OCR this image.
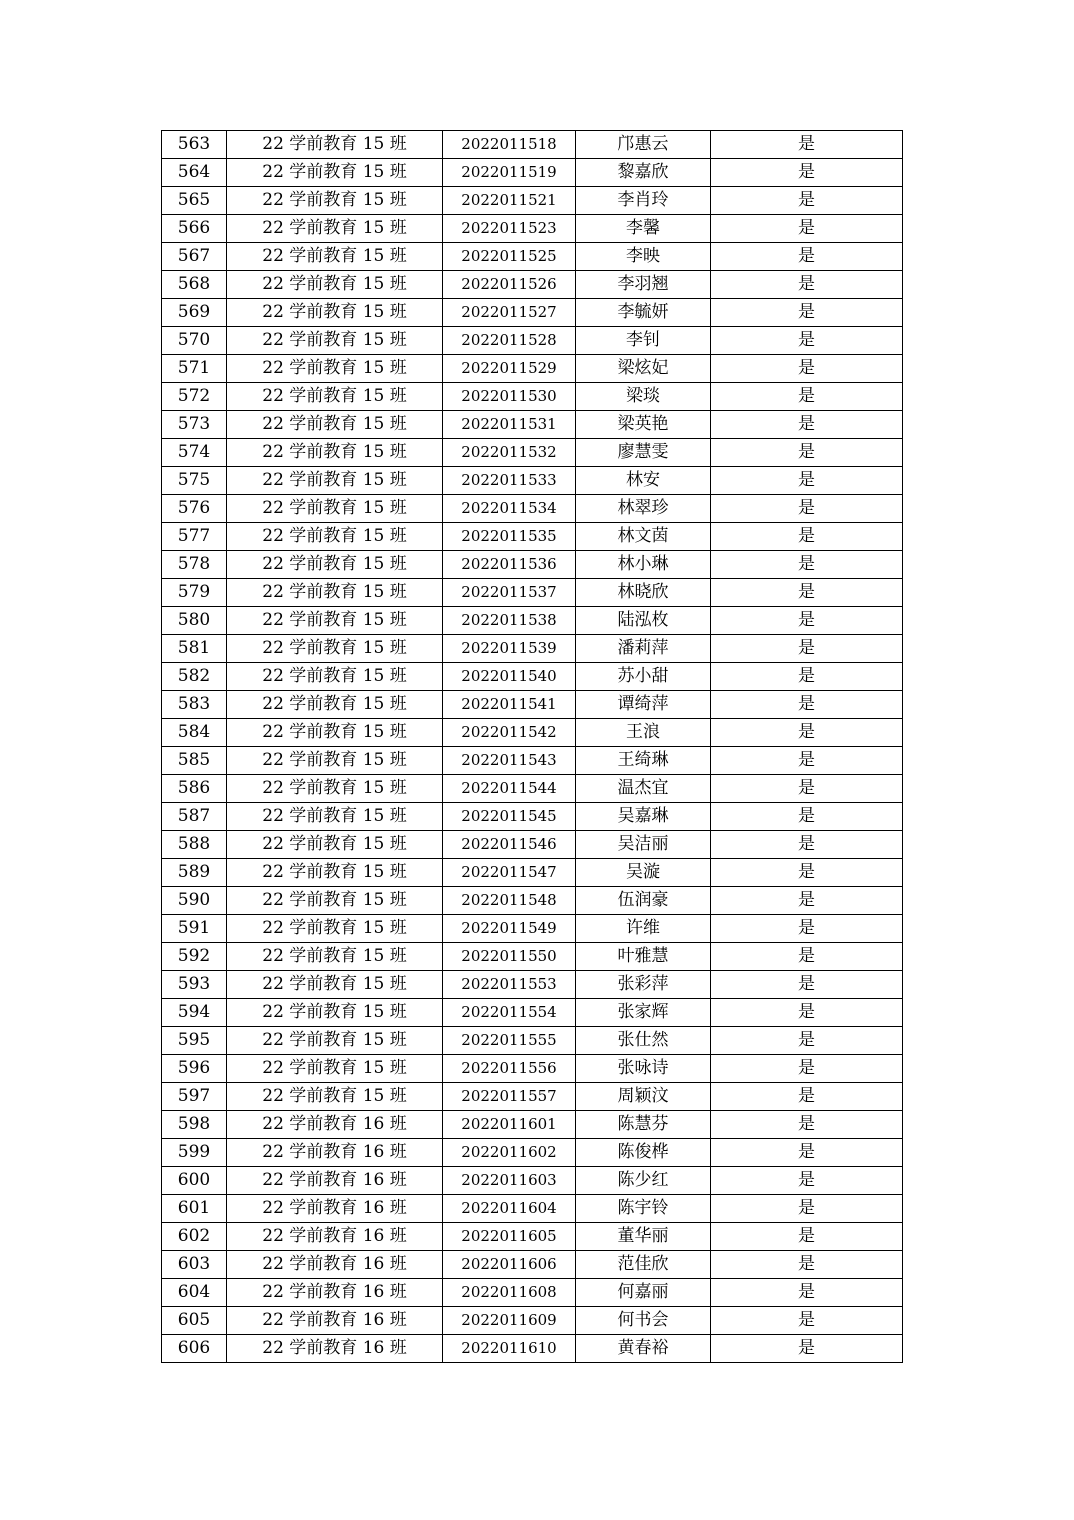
563	22 学前教育 15 班	2022011518	邝惠云	是
564	22 学前教育 15 班	2022011519	黎嘉欣	是
565	22 学前教育 15 班	2022011521	李肖玲	是
566	22 学前教育 15 班	2022011523	李馨	是
567	22 学前教育 15 班	2022011525	李映	是
568	22 学前教育 15 班	2022011526	李羽翘	是
569	22 学前教育 15 班	2022011527	李毓妍	是
570	22 学前教育 15 班	2022011528	李钊	是
571	22 学前教育 15 班	2022011529	梁炫妃	是
572	22 学前教育 15 班	2022011530	梁琰	是
573	22 学前教育 15 班	2022011531	梁英艳	是
574	22 学前教育 15 班	2022011532	廖慧雯	是
575	22 学前教育 15 班	2022011533	林安	是
576	22 学前教育 15 班	2022011534	林翠珍	是
577	22 学前教育 15 班	2022011535	林文茵	是
578	22 学前教育 15 班	2022011536	林小琳	是
579	22 学前教育 15 班	2022011537	林晓欣	是
580	22 学前教育 15 班	2022011538	陆泓枚	是
581	22 学前教育 15 班	2022011539	潘莉萍	是
582	22 学前教育 15 班	2022011540	苏小甜	是
583	22 学前教育 15 班	2022011541	谭绮萍	是
584	22 学前教育 15 班	2022011542	王浪	是
585	22 学前教育 15 班	2022011543	王绮琳	是
586	22 学前教育 15 班	2022011544	温杰宜	是
587	22 学前教育 15 班	2022011545	吴嘉琳	是
588	22 学前教育 15 班	2022011546	吴洁丽	是
589	22 学前教育 15 班	2022011547	吴漩	是
590	22 学前教育 15 班	2022011548	伍润豪	是
591	22 学前教育 15 班	2022011549	许维	是
592	22 学前教育 15 班	2022011550	叶雅慧	是
593	22 学前教育 15 班	2022011553	张彩萍	是
594	22 学前教育 15 班	2022011554	张家辉	是
595	22 学前教育 15 班	2022011555	张仕然	是
596	22 学前教育 15 班	2022011556	张咏诗	是
597	22 学前教育 15 班	2022011557	周颖汶	是
598	22 学前教育 16 班	2022011601	陈慧芬	是
599	22 学前教育 16 班	2022011602	陈俊桦	是
600	22 学前教育 16 班	2022011603	陈少红	是
601	22 学前教育 16 班	2022011604	陈宇铃	是
602	22 学前教育 16 班	2022011605	董华丽	是
603	22 学前教育 16 班	2022011606	范佳欣	是
604	22 学前教育 16 班	2022011608	何嘉丽	是
605	22 学前教育 16 班	2022011609	何书会	是
606	22 学前教育 16 班	2022011610	黄春裕	是
